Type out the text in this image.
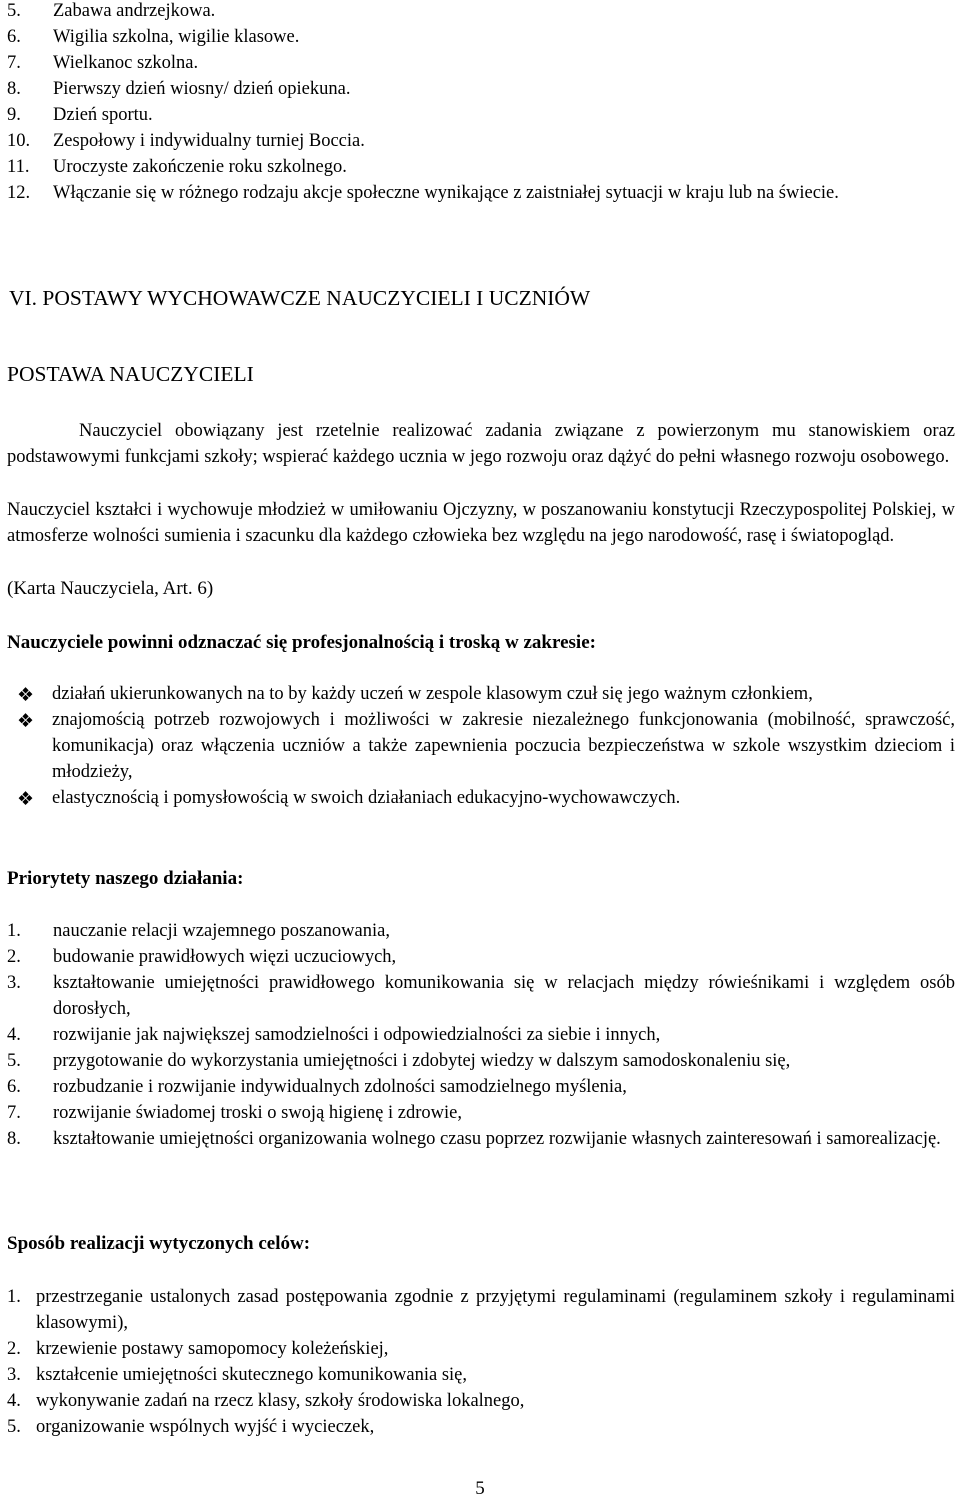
5. Zabawa andrzejkowa.
6. Wigilia szkolna, wigilie klasowe.
7. Wielkanoc szkolna.
8. Pierwszy dzień wiosny/ dzień opiekuna.
9. Dzień sportu.
10. Zespołowy i indywidualny turniej Boccia.
11. Uroczyste zakończenie roku szkolnego.
12. Włączanie się w różnego rodzaju akcje społeczne wynikające z zaistniałej sytuacji w kraju lub na świecie.
VI. POSTAWY WYCHOWAWCZE NAUCZYCIELI I UCZNIÓW
POSTAWA NAUCZYCIELI

Nauczyciel obowiązany jest rzetelnie realizować zadania związane z powierzonym mu stanowiskiem oraz podstawowymi funkcjami szkoły; wspierać każdego ucznia w jego rozwoju oraz dążyć do pełni własnego rozwoju osobowego.

Nauczyciel kształci i wychowuje młodzież w umiłowaniu Ojczyzny, w poszanowaniu konstytucji Rzeczypospolitej Polskiej, w atmosferze wolności sumienia i szacunku dla każdego człowieka bez względu na jego narodowość, rasę i światopogląd.

(Karta Nauczyciela, Art. 6)
Nauczyciele powinni odznaczać się profesjonalnością i troską w zakresie:
❖ działań ukierunkowanych na to by każdy uczeń w zespole klasowym czuł się jego ważnym członkiem,
❖ znajomością potrzeb rozwojowych i możliwości w zakresie niezależnego funkcjonowania (mobilność, sprawczość, komunikacja) oraz włączenia uczniów a także zapewnienia poczucia bezpieczeństwa w szkole wszystkim dzieciom i młodzieży,
❖ elastycznością i pomysłowością w swoich działaniach edukacyjno-wychowawczych.
Priorytety naszego działania:
1. nauczanie relacji wzajemnego poszanowania,
2. budowanie prawidłowych więzi uczuciowych,
3. kształtowanie umiejętności prawidłowego komunikowania się w relacjach między rówieśnikami i względem osób dorosłych,
4. rozwijanie jak największej samodzielności i odpowiedzialności za siebie i innych,
5. przygotowanie do wykorzystania umiejętności i zdobytej wiedzy w dalszym samodoskonaleniu się,
6. rozbudzanie i rozwijanie indywidualnych zdolności samodzielnego myślenia,
7. rozwijanie świadomej troski o swoją higienę i zdrowie,
8. kształtowanie umiejętności organizowania wolnego czasu poprzez rozwijanie własnych zainteresowań i samorealizację.
Sposób realizacji wytyczonych celów:
1. przestrzeganie ustalonych zasad postępowania zgodnie z przyjętymi regulaminami (regulaminem szkoły i regulaminami klasowymi),
2. krzewienie postawy samopomocy koleżeńskiej,
3. kształcenie umiejętności skutecznego komunikowania się,
4. wykonywanie zadań na rzecz klasy, szkoły środowiska lokalnego,
5. organizowanie wspólnych wyjść i wycieczek,
5
